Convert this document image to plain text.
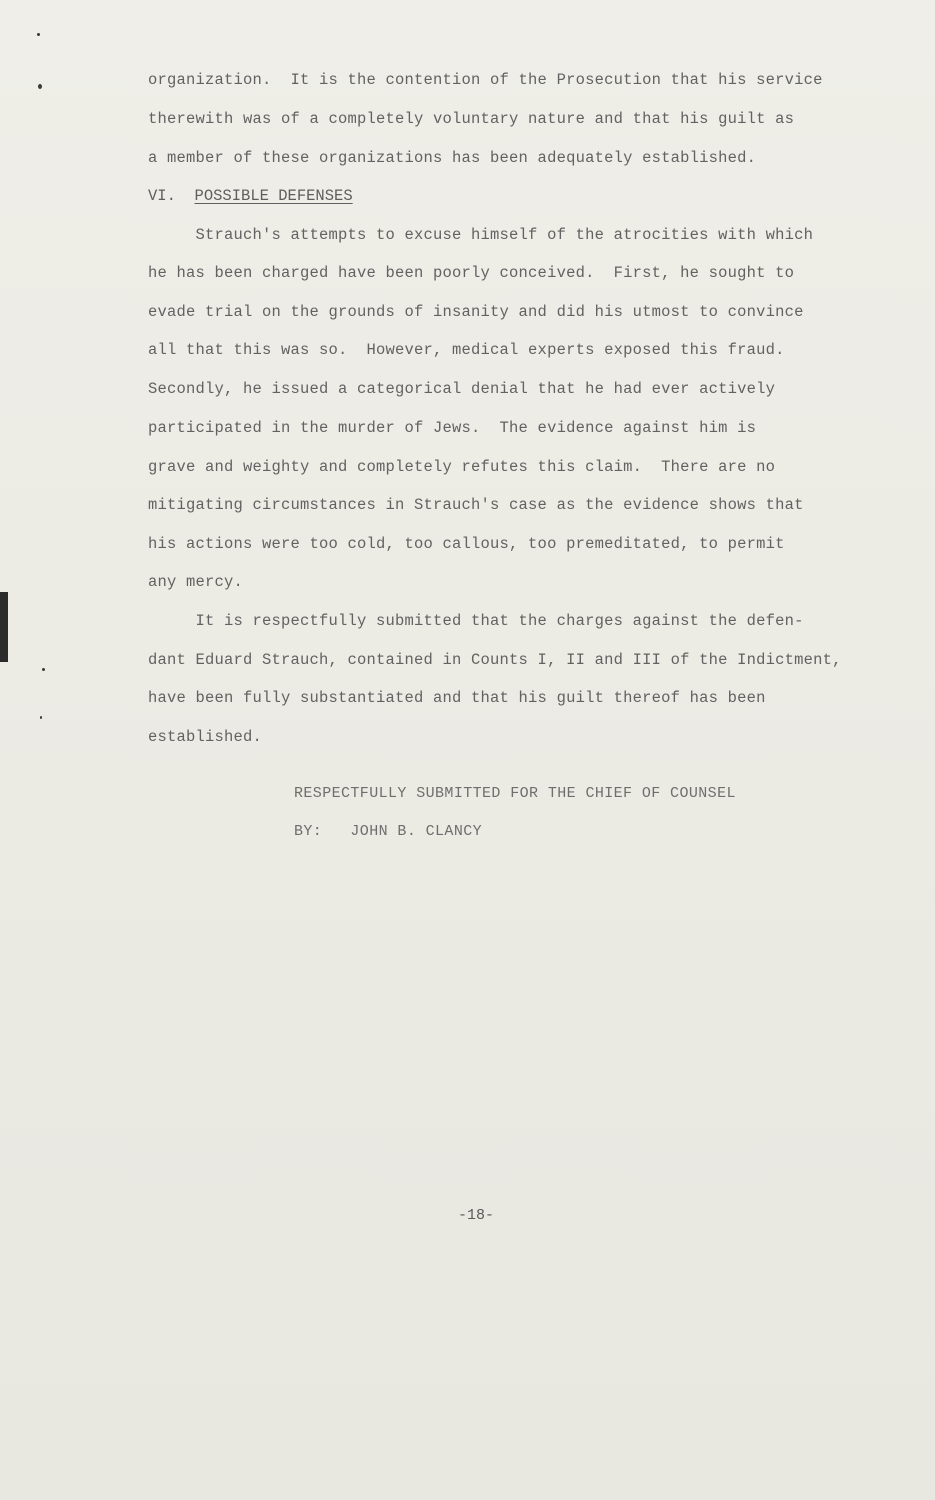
organization.  It is the contention of the Prosecution that his service
therewith was of a completely voluntary nature and that his guilt as
a member of these organizations has been adequately established.
VI. POSSIBLE DEFENSES
Strauch's attempts to excuse himself of the atrocities with which
he has been charged have been poorly conceived.  First, he sought to
evade trial on the grounds of insanity and did his utmost to convince
all that this was so.  However, medical experts exposed this fraud.
Secondly, he issued a categorical denial that he had ever actively
participated in the murder of Jews.  The evidence against him is
grave and weighty and completely refutes this claim.  There are no
mitigating circumstances in Strauch's case as the evidence shows that
his actions were too cold, too callous, too premeditated, to permit
any mercy.
It is respectfully submitted that the charges against the defen-
dant Eduard Strauch, contained in Counts I, II and III of the Indictment,
have been fully substantiated and that his guilt thereof has been
established.
RESPECTFULLY SUBMITTED FOR THE CHIEF OF COUNSEL
BY:   JOHN B. CLANCY
-18-
